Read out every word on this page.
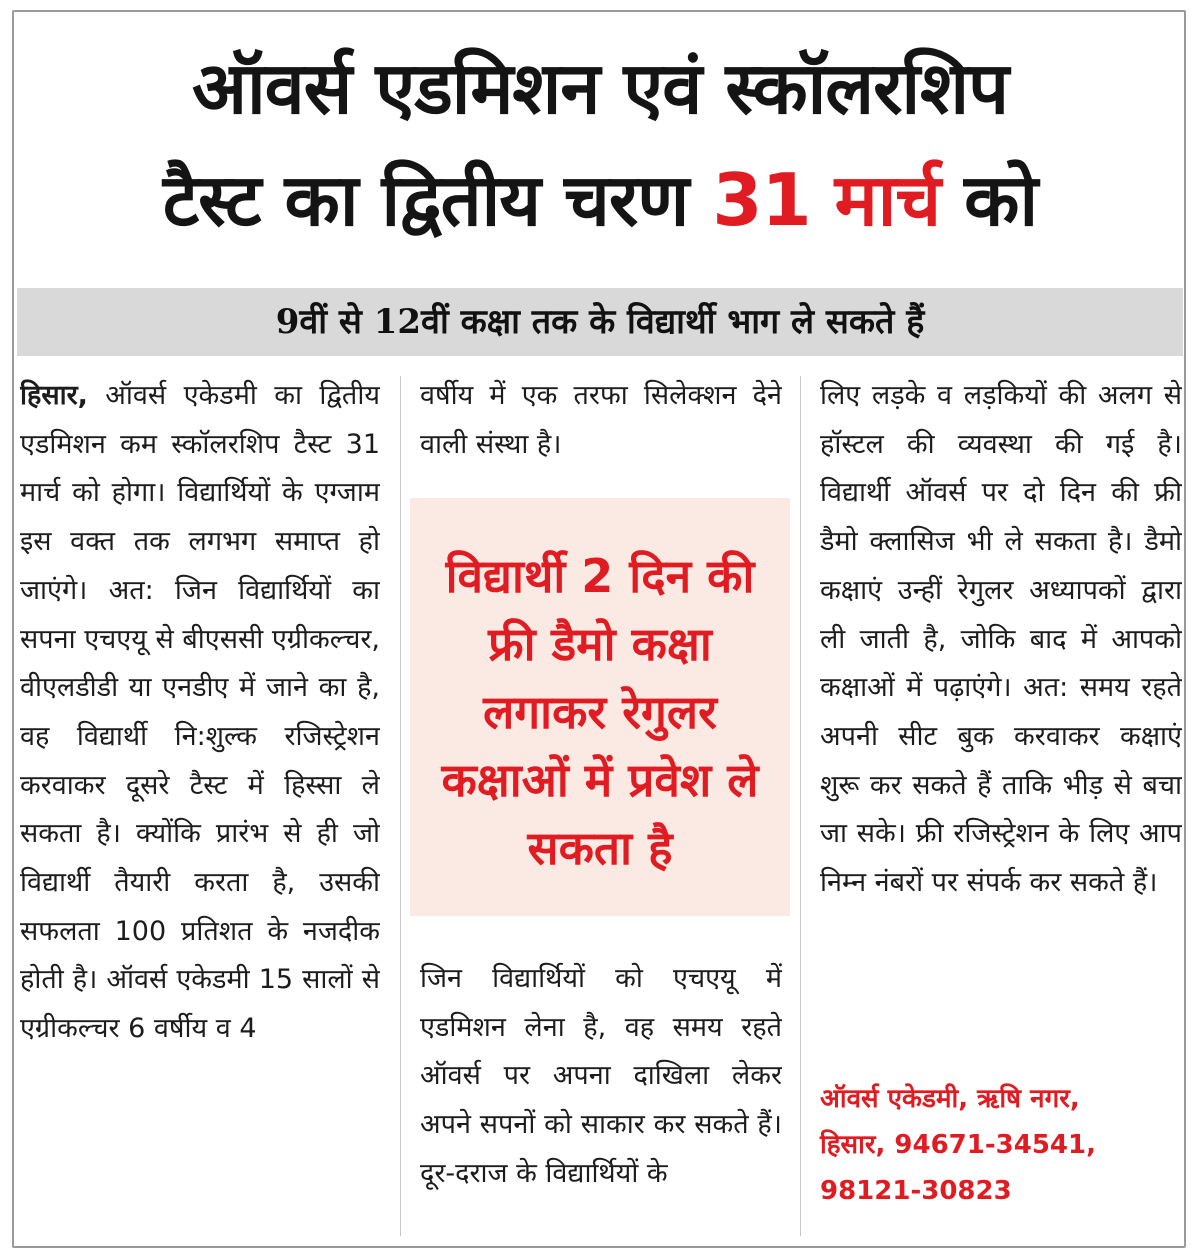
ऑवर्स एडमिशन एवं स्कॉलरशिप
टैस्ट का द्वितीय चरण 31 मार्च को
9वीं से 12वीं कक्षा तक के विद्यार्थी भाग ले सकते हैं
हिसार, ऑवर्स एकेडमी का द्वितीय एडमिशन कम स्कॉलरशिप टैस्ट 31 मार्च को होगा। विद्यार्थियों के एग्जाम इस वक्त तक लगभग समाप्त हो जाएंगे। अत: जिन विद्यार्थियों का सपना एचएयू से बीएससी एग्रीकल्चर, वीएलडीडी या एनडीए में जाने का है, वह विद्यार्थी नि:शुल्क रजिस्ट्रेशन करवाकर दूसरे टैस्ट में हिस्सा ले सकता है। क्योंकि प्रारंभ से ही जो विद्यार्थी तैयारी करता है, उसकी सफलता 100 प्रतिशत के नजदीक होती है। ऑवर्स एकेडमी 15 सालों से एग्रीकल्चर 6 वर्षीय व 4
वर्षीय में एक तरफा सिलेक्शन देने वाली संस्था है।
विद्यार्थी 2 दिन की फ्री डैमो कक्षा लगाकर रेगुलर कक्षाओं में प्रवेश ले सकता है
जिन विद्यार्थियों को एचएयू में एडमिशन लेना है, वह समय रहते ऑवर्स पर अपना दाखिला लेकर अपने सपनों को साकार कर सकते हैं। दूर-दराज के विद्यार्थियों के
लिए लड़के व लड़कियों की अलग से हॉस्टल की व्यवस्था की गई है। विद्यार्थी ऑवर्स पर दो दिन की फ्री डैमो क्लासिज भी ले सकता है। डैमो कक्षाएं उन्हीं रेगुलर अध्यापकों द्वारा ली जाती है, जोकि बाद में आपको कक्षाओं में पढ़ाएंगे। अत: समय रहते अपनी सीट बुक करवाकर कक्षाएं शुरू कर सकते हैं ताकि भीड़ से बचा जा सके। फ्री रजिस्ट्रेशन के लिए आप निम्न नंबरों पर संपर्क कर सकते हैं।
ऑवर्स एकेडमी, ऋषि नगर,
हिसार, 94671-34541,
98121-30823
